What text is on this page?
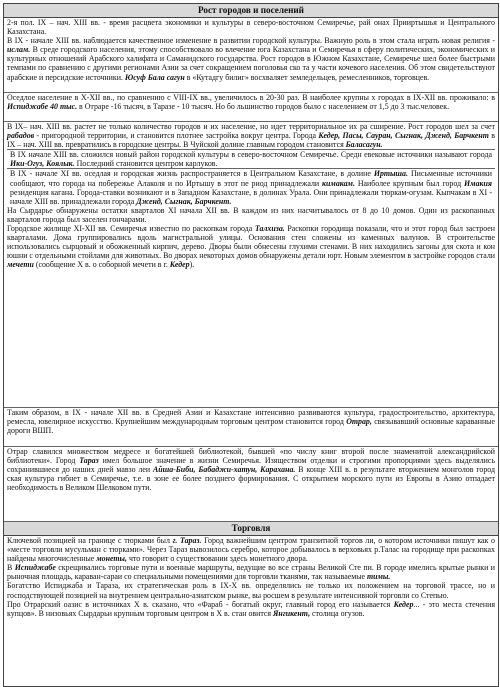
Рост городов и поселений

2-я пол. IX – нач. XIII вв. - время расцвета экономики и культуры в северо-восточном Семиречье, рай онах Прииртышья и Центрального Казахстана.

В IX - начале XIII вв. наблюдается качественное изменение в развитии городской культуры. Важную роль в этом стала играть новая религия - ислам. В среде городского населения, этому способствовало во влечение юга Казахстана и Семиречья в сферу политических, экономических и культурных отношений Арабского халифата и Саманидского государства. Рост городов в Южном Казахстане, Семиречье шел более быстрыми темпами по сравнению с другими регионами Азии за счет сокращением поголовья ско та у части кочевого населения. Об этом свидетельствуют арабские и персидские источники. Юсуф Бала сагун в «Кутадгу билиг» восхваляет земледельцев, ремесленников, торговцев.

Оседлое население в X-XII вв., по сравнению с VIII-IX вв., увеличилось в 20-30 раз. В наиболее крупны х городах в IX-XII вв. проживало: в Испиджабе 40 тыс. в Отраре -16 тысяч, в Таразе - 10 тысяч. Но бо льшинство городов было с населением от 1,5 до 3 тыс.человек.

В IX– нач. XIII вв. растет не только количество городов и их население, но идет территориальное их ра сширение. Рост городов шел за счет рабадов - пригородной территории, и становится плотнее застройка вокруг центра. Города Кедер, Пасы, Сауран, Сыгнак, Дженд, Барчкент в IX – нач. XIII вв. превратились в городские центры. В Чуйской долине главным городом становится Баласагун.

В IX начале XIII вв. сложился новый район городской культуры в северо-восточном Семиречье. Средн евековые источники называют города Ики-Огуз, Коялык. Последний становится центром карлуков.

В IX - начале XI вв. оседлая и городская жизнь распространяется в Центральном Казахстане, в долине Иртыша. Письменные источники сообщают, что города на побережье Алаколя и по Иртышу в этот пе риод принадлежали кимакам. Наиболее крупным был город Имакия резиденция кагана. Города-ставки возникают и в Западном Казахстане, в долинах Урала. Они принадлежали тюркам-огузам. Кыпчакам в XI - начале XIII вв. принадлежали города Дженд, Сыгнак, Барчкент.

На Сырдарье обнаружены остатки кварталов XI начала XII вв. В каждом из них насчитывалось от 8 до 10 домов. Один из раскопанных кварталов города был заселен гончарами.

Городское жилище XI-XII вв. Семиречья известно по раскопкам города Талхиза. Раскопки городища показали, что и этот город был застроен кварталами. Дома группировались вдоль магистральной улицы. Основания стен сложены из каменных валунов. В строительстве использовались сырцовый и обожженный кирпич, дерево. Дворы были обнесены глухими стенами. В них находились загоны для скота и кон юшни с отдельными стойлами для животных. Во дворах некоторых домов обнаружены детали юрт. Новым элементом в застройке городов стали мечети (сообщение Х в. о соборной мечети в г. Кедер).

Таким образом, в IX - начале XII вв. в Средней Азии и Казахстане интенсивно развиваются культура, градостроительство, архитектура, ремесла, ювелирное искусство. Крупнейшим международным торговым центром становится город Отрар, связывавший основные караванные дороги ВШП.

Отрар славился множеством медресе и богатейшей библиотекой, бывшей «по числу книг второй после знаменитой александрийской библиотеки». Город Тараз имел большое значение в жизни Семиречья. Изяществом отделки и строгими пропорциями здесь выделялись сохранившиеся до наших дней мавзо леи Айша-Биби, Бабаджи-хатун, Карахана. В конце XIII в. в результате вторжением монголов город ская культура гибнет в Семиречье, т.е. в зоне ее более позднего формирования. С открытием морского пути из Европы в Азию отпадает необходимость в Великом Шелковом пути.

Торговля

Ключевой позицией на границе с тюрками был г. Тараз. Город важнейшим центром транзитной торгов ли, о котором источники пишут как о «месте торговли мусульман с тюрками». Через Тараз вывозилось серебро, которое добывалось в верховьях р.Талас на городище при раскопках найдены многочисленные монеты, что говорит о существовании здесь монетного двора.

В Испиджабе скрещивались торговые пути и военные маршруты, ведущие во все страны Великой Сте пи. В городе имелись крытые рынки и рыночная площадь, караван-сараи со специальными помещениями для торговли тканями, так называемые тимы.

Богатство Испиджаба и Тараза, их стратегическая роль в IX-X вв. определялись не только их положением на торговой трассе, но и господствующей позицией на внутреннем центрально-азиатском рынке, вы росшем в результате интенсивной торговли со Степью.

Про Отрарский оазис в источниках Х в. сказано, что «Фараб - богатый округ, главный город его называется Кедер... - это места стечения купцов». В низовьях Сырдарьи крупным торговым центром в Х в. стан овится Янгикент, столица огузов.
